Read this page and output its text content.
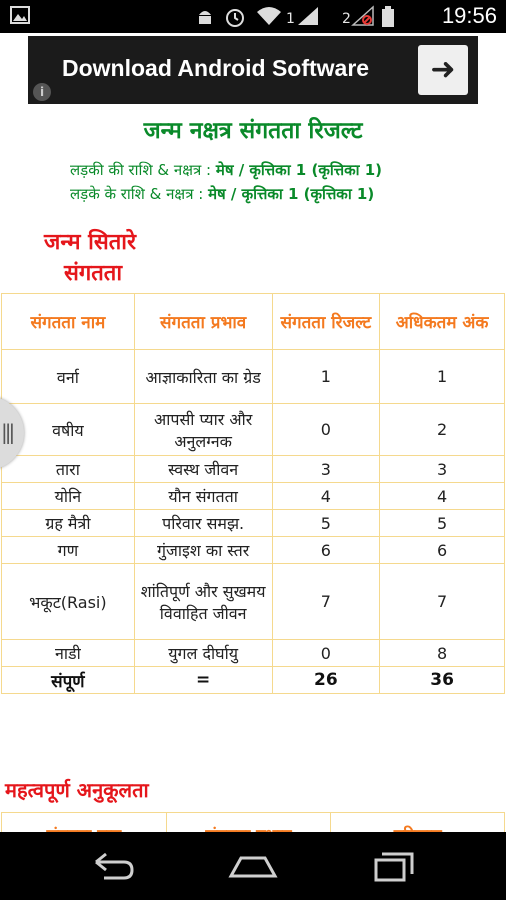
1	2	19:56
Download Android Software	➜
i
जन्म नक्षत्र संगतता रिजल्ट
लड़की की राशि & नक्षत्र : मेष / कृत्तिका 1 (कृत्तिका 1)
लड़के के राशि & नक्षत्र : मेष / कृत्तिका 1 (कृत्तिका 1)
जन्म सितारे
संगतता
संगतता नाम	संगतता प्रभाव	संगतता रिजल्ट	अधिकतम अंक
वर्ना	आज्ञाकारिता का ग्रेड	1	1
वषीय	आपसी प्यार और अनुलग्नक	0	2
तारा	स्वस्थ जीवन	3	3
योनि	यौन संगतता	4	4
ग्रह मैत्री	परिवार समझ.	5	5
गण	गुंजाइश का स्तर	6	6
भकूट(Rasi)	शांतिपूर्ण और सुखमय विवाहित जीवन	7	7
नाडी	युगल दीर्घायु	0	8
संपूर्ण	=	26	36
महत्वपूर्ण अनुकूलता

|||
